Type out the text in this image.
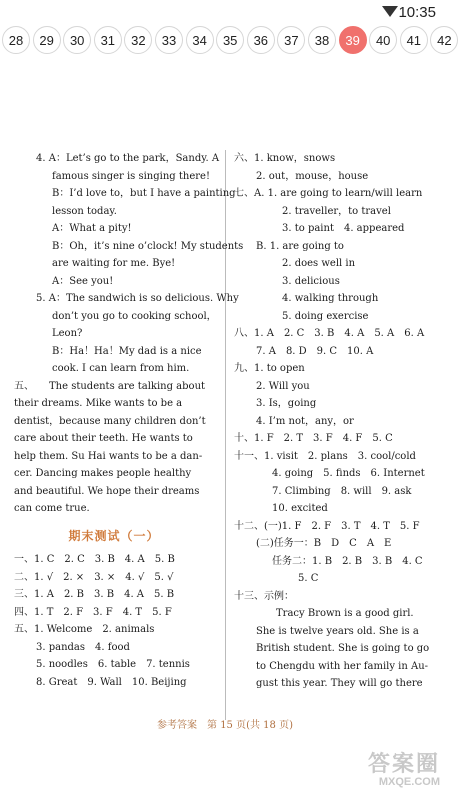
10:35
28	29	30	31	32	33	34	35	36	37	38	39	40	41	42
4. A：Let’s go to the park，Sandy. A
famous singer is singing there!
B：I’d love to，but I have a painting
lesson today.
A：What a pity!
B：Oh，it’s nine o’clock! My students
are waiting for me. Bye!
A：See you!
5. A：The sandwich is so delicious. Why
don’t you go to cooking school，
Leon?
B：Ha！Ha！My dad is a nice
cook. I can learn from him.
五、　　The students are talking about
their dreams. Mike wants to be a
dentist，because many children don’t
care about their teeth. He wants to
help them. Su Hai wants to be a dan-
cer. Dancing makes people healthy
and beautiful. We hope their dreams
can come true.
期末测试（一）
一、1. C　2. C　3. B　4. A　5. B
二、1. √　2. ×　3. ×　4. √　5. √
三、1. A　2. B　3. B　4. A　5. B
四、1. T　2. F　3. F　4. T　5. F
五、1. Welcome　2. animals
3. pandas　4. food
5. noodles　6. table　7. tennis
8. Great　9. Wall　10. Beijing
六、1. know，snows
2. out，mouse，house
七、A. 1. are going to learn/will learn
2. traveller，to travel
3. to paint　4. appeared
B. 1. are going to
2. does well in
3. delicious
4. walking through
5. doing exercise
八、1. A　2. C　3. B　4. A　5. A　6. A
7. A　8. D　9. C　10. A
九、1. to open
2. Will you
3. Is，going
4. I’m not，any，or
十、1. F　2. T　3. F　4. F　5. C
十一、1. visit　2. plans　3. cool/cold
4. going　5. finds　6. Internet
7. Climbing　8. will　9. ask
10. excited
十二、(一)1. F　2. F　3. T　4. T　5. F
(二)任务一：B　D　C　A　E
任务二：1. B　2. B　3. B　4. C
5. C
十三、示例：
　　Tracy Brown is a good girl.
She is twelve years old. She is a
British student. She is going to go
to Chengdu with her family in Au-
gust this year. They will go there
参考答案　第 15 页(共 18 页)
答案圈
MXQE.COM
